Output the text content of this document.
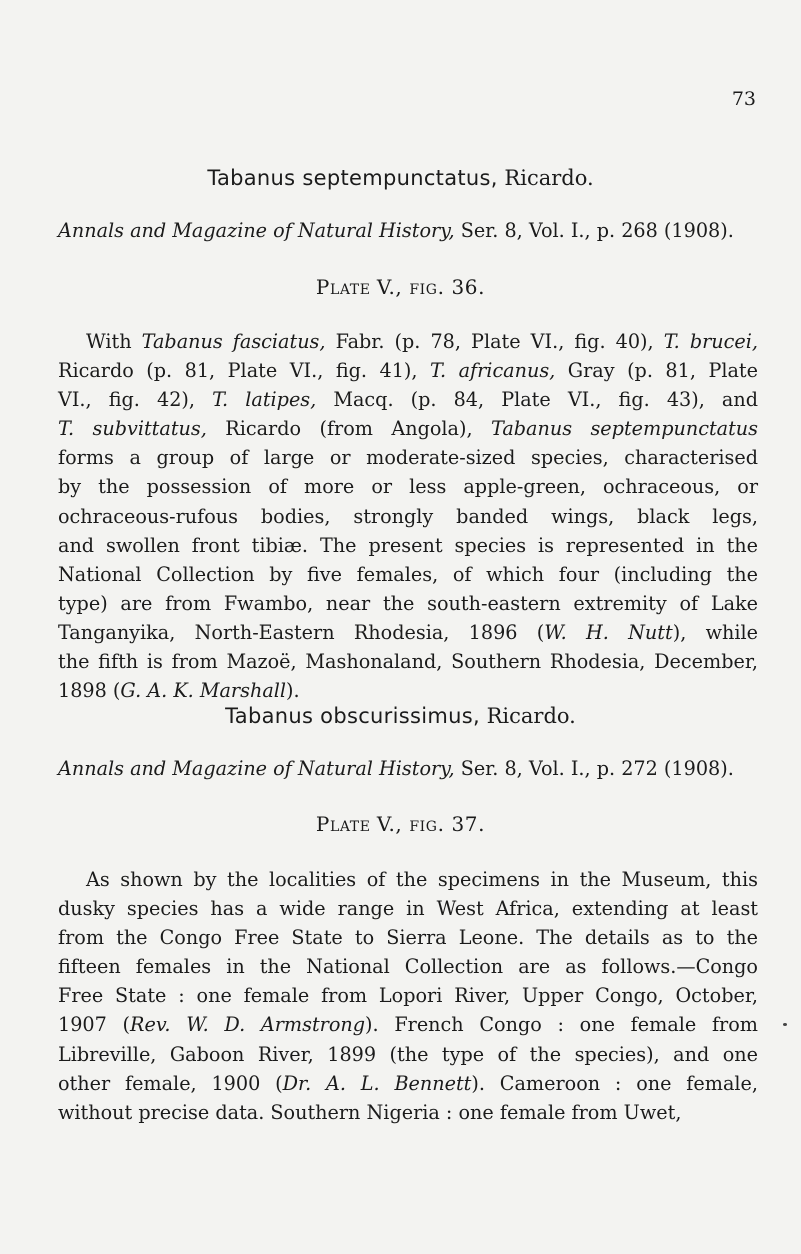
73
Tabanus septempunctatus, Ricardo.
Annals and Magazine of Natural History, Ser. 8, Vol. I., p. 268 (1908).
Plate V., fig. 36.
With Tabanus fasciatus, Fabr. (p. 78, Plate VI., fig. 40), T. brucei,
Ricardo (p. 81, Plate VI., fig. 41), T. africanus, Gray (p. 81, Plate
VI., fig. 42), T. latipes, Macq. (p. 84, Plate VI., fig. 43), and
T. subvittatus, Ricardo (from Angola), Tabanus septempunctatus
forms a group of large or moderate-sized species, characterised
by the possession of more or less apple-green, ochraceous, or
ochraceous-rufous bodies, strongly banded wings, black legs,
and swollen front tibiæ. The present species is represented in the
National Collection by five females, of which four (including the
type) are from Fwambo, near the south-eastern extremity of Lake
Tanganyika, North-Eastern Rhodesia, 1896 (W. H. Nutt), while
the fifth is from Mazoë, Mashonaland, Southern Rhodesia, December,
1898 (G. A. K. Marshall).
Tabanus obscurissimus, Ricardo.
Annals and Magazine of Natural History, Ser. 8, Vol. I., p. 272 (1908).
Plate V., fig. 37.
As shown by the localities of the specimens in the Museum, this
dusky species has a wide range in West Africa, extending at least
from the Congo Free State to Sierra Leone. The details as to the
fifteen females in the National Collection are as follows.—Congo
Free State : one female from Lopori River, Upper Congo, October,
1907 (Rev. W. D. Armstrong). French Congo : one female from
Libreville, Gaboon River, 1899 (the type of the species), and one
other female, 1900 (Dr. A. L. Bennett). Cameroon : one female,
without precise data. Southern Nigeria : one female from Uwet,
